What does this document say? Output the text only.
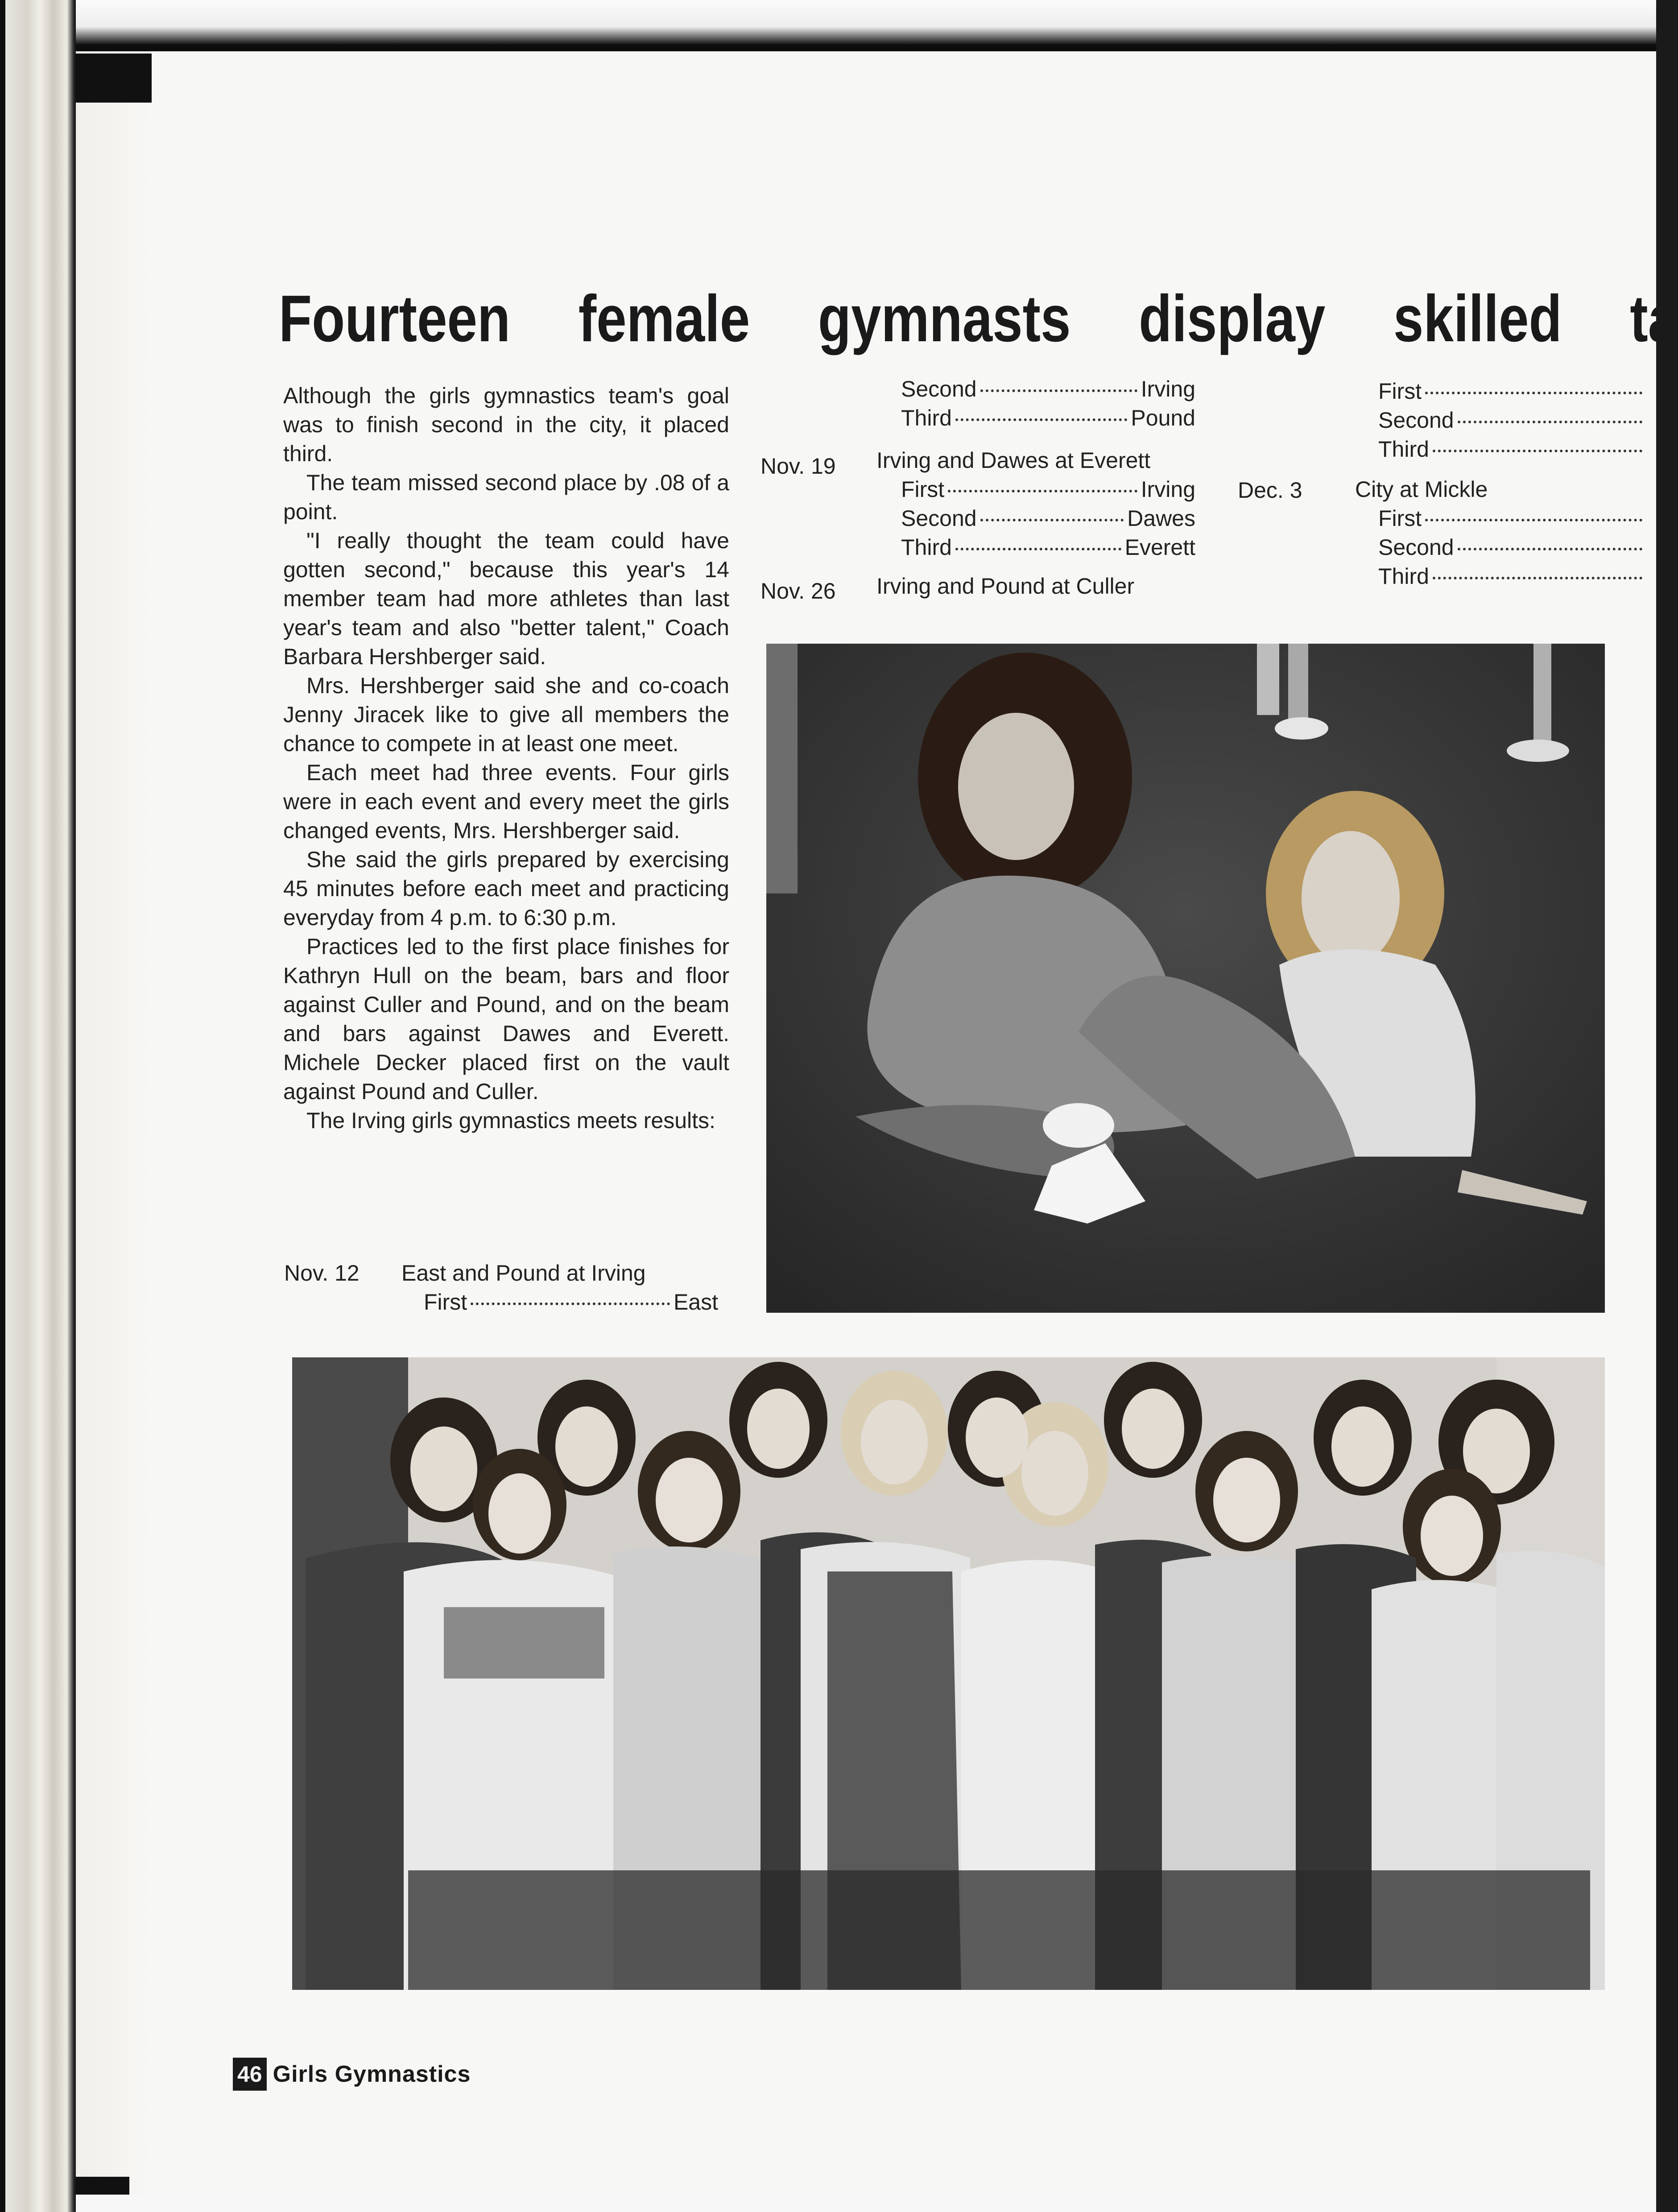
Fourteen female gymnasts display skilled ta

Although the girls gymnastics team's goal was to finish second in the city, it placed third.

The team missed second place by .08 of a point.

"I really thought the team could have gotten second," because this year's 14 member team had more athletes than last year's team and also "better talent," Coach Barbara Hershberger said.

Mrs. Hershberger said she and co-coach Jenny Jiracek like to give all members the chance to compete in at least one meet.

Each meet had three events. Four girls were in each event and every meet the girls changed events, Mrs. Hershberger said.

She said the girls prepared by exercising 45 minutes before each meet and practicing everyday from 4 p.m. to 6:30 p.m.

Practices led to the first place finishes for Kathryn Hull on the beam, bars and floor against Culler and Pound, and on the beam and bars against Dawes and Everett. Michele Decker placed first on the vault against Pound and Culler.

The Irving girls gymnastics meets results:

Nov. 12 East and Pound at Irving
First	East
Second	Irving
Third	Pound
Nov. 19 Irving and Dawes at Everett
First	Irving
Second	Dawes
Third	Everett
Nov. 26 Irving and Pound at Culler
First
Second
Third
Dec. 3 City at Mickle
First
Second
Third
46 Girls Gymnastics
